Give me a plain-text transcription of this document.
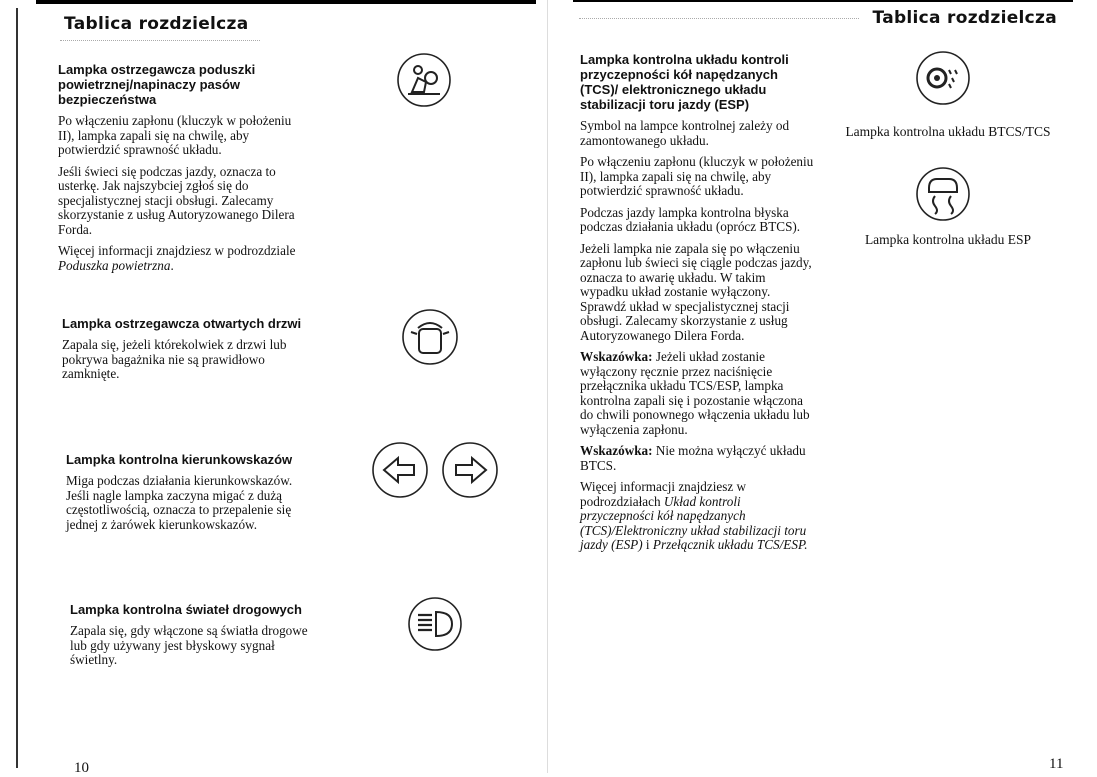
Tablica rozdzielcza
Lampka ostrzegawcza poduszki powietrznej/napinaczy pasów bezpieczeństwa

Po włączeniu zapłonu (kluczyk w położeniu II), lampka zapali się na chwilę, aby potwierdzić sprawność układu.

Jeśli świeci się podczas jazdy, oznacza to usterkę. Jak najszybciej zgłoś się do specjalistycznej stacji obsługi. Zalecamy skorzystanie z usług Autoryzowanego Dilera Forda.

Więcej informacji znajdziesz w podrozdziale Poduszka powietrzna.

Lampka ostrzegawcza otwartych drzwi

Zapala się, jeżeli którekolwiek z drzwi lub pokrywa bagażnika nie są prawidłowo zamknięte.

Lampka kontrolna kierunkowskazów

Miga podczas działania kierunkowskazów. Jeśli nagle lampka zaczyna migać z dużą częstotliwością, oznacza to przepalenie się jednej z żarówek kierunkowskazów.

Lampka kontrolna świateł drogowych

Zapala się, gdy włączone są światła drogowe lub gdy używany jest błyskowy sygnał świetlny.

10
Tablica rozdzielcza
Lampka kontrolna układu kontroli przyczepności kół napędzanych (TCS)/ elektronicznego układu stabilizacji toru jazdy (ESP)

Symbol na lampce kontrolnej zależy od zamontowanego układu.

Po włączeniu zapłonu (kluczyk w położeniu II), lampka zapali się na chwilę, aby potwierdzić sprawność układu.

Podczas jazdy lampka kontrolna błyska podczas działania układu (oprócz BTCS).

Jeżeli lampka nie zapala się po włączeniu zapłonu lub świeci się ciągle podczas jazdy, oznacza to awarię układu. W takim wypadku układ zostanie wyłączony. Sprawdź układ w specjalistycznej stacji obsługi. Zalecamy skorzystanie z usług Autoryzowanego Dilera Forda.

Wskazówka: Jeżeli układ zostanie wyłączony ręcznie przez naciśnięcie przełącznika układu TCS/ESP, lampka kontrolna zapali się i pozostanie włączona do chwili ponownego włączenia układu lub wyłączenia zapłonu.

Wskazówka: Nie można wyłączyć układu BTCS.

Więcej informacji znajdziesz w podrozdziałach Układ kontroli przyczepności kół napędzanych (TCS)/Elektroniczny układ stabilizacji toru jazdy (ESP) i Przełącznik układu TCS/ESP.

Lampka kontrolna układu BTCS/TCS
Lampka kontrolna układu ESP
11
